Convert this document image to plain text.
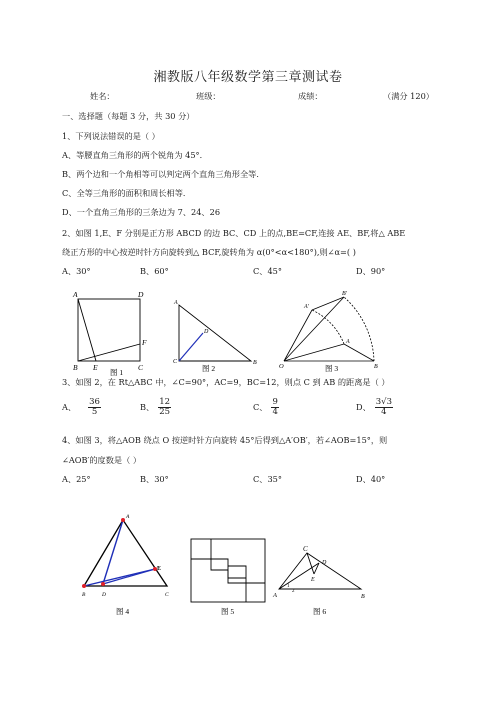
湘教版八年级数学第三章测试卷
姓名：	班级：	成绩：	（满分 120）
一、选择题（每题 3 分，共 30 分）
1、下列说法错误的是（ ）
A、等腰直角三角形的两个锐角为 45°．
B、两个边和一个角相等可以判定两个直角三角形全等．
C、全等三角形的面积和周长相等．
D、一个直角三角形的三条边为 7、24、26
2、如图 1,E、F 分别是正方形 ABCD 的边 BC、CD 上的点,BE=CF,连接 AE、BF,将△ ABE
绕正方形的中心按逆时针方向旋转到△ BCF,旋转角为 α(0°<α<180°),则∠α=( )
A、30°	B、60°	C、45°	D、90°
A	D
B E	C
F
图 1
A
D
C	B
图 2
A′
B′
A
O	B
图 3
3、如图 2，在 Rt△ABC 中，∠C=90°，AC=9，BC=12，则点 C 到 AB 的距离是（ ）
A、 $\frac{36}{5}$	B、 $\frac{12}{25}$	C、 $\frac{9}{4}$	D、 $\frac{3√3}{4}$
4、如图 3，将△AOB 绕点 O 按逆时针方向旋转 45°后得到△A′OB′，若∠AOB=15°，则
∠AOB′的度数是（ ）
A、25°	B、30°	C、35°	D、40°
A
B	D	C
E
图 4	图 5
C
D
E
A	B
1
2
图 6
